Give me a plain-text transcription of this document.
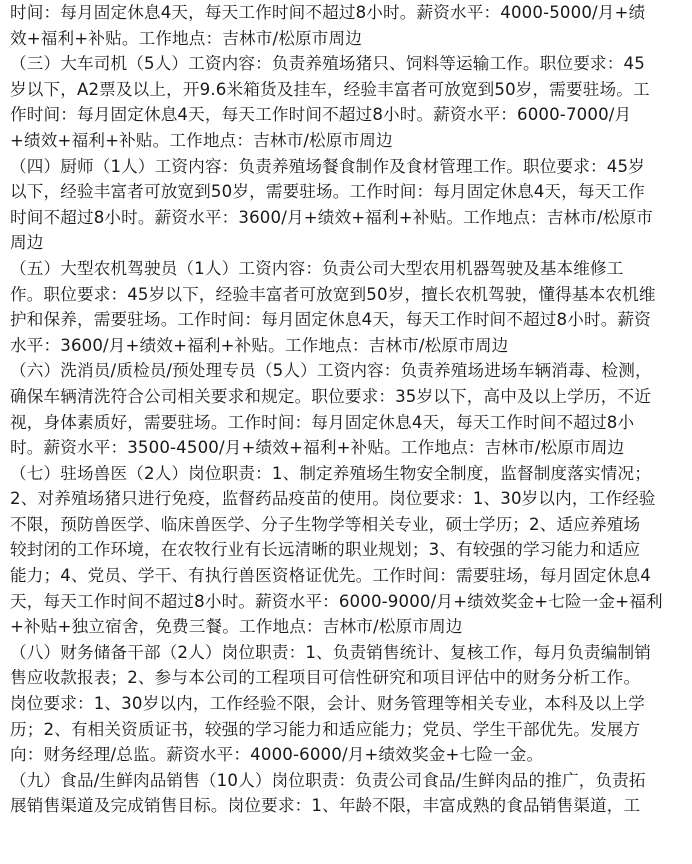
时间：每月固定休息4天，每天工作时间不超过8小时。薪资水平：4000-5000/月+绩
效+福利+补贴。工作地点：吉林市/松原市周边
（三）大车司机（5人）工资内容：负责养殖场猪只、饲料等运输工作。职位要求：45
岁以下，A2票及以上，开9.6米箱货及挂车，经验丰富者可放宽到50岁，需要驻场。工
作时间：每月固定休息4天，每天工作时间不超过8小时。薪资水平：6000-7000/月
+绩效+福利+补贴。工作地点：吉林市/松原市周边
（四）厨师（1人）工资内容：负责养殖场餐食制作及食材管理工作。职位要求：45岁
以下，经验丰富者可放宽到50岁，需要驻场。工作时间：每月固定休息4天，每天工作
时间不超过8小时。薪资水平：3600/月+绩效+福利+补贴。工作地点：吉林市/松原市
周边
（五）大型农机驾驶员（1人）工资内容：负责公司大型农用机器驾驶及基本维修工
作。职位要求：45岁以下，经验丰富者可放宽到50岁，擅长农机驾驶，懂得基本农机维
护和保养，需要驻场。工作时间：每月固定休息4天，每天工作时间不超过8小时。薪资
水平：3600/月+绩效+福利+补贴。工作地点：吉林市/松原市周边
（六）洗消员/质检员/预处理专员（5人）工资内容：负责养殖场进场车辆消毒、检测，
确保车辆清洗符合公司相关要求和规定。职位要求：35岁以下，高中及以上学历，不近
视，身体素质好，需要驻场。工作时间：每月固定休息4天，每天工作时间不超过8小
时。薪资水平：3500-4500/月+绩效+福利+补贴。工作地点：吉林市/松原市周边
（七）驻场兽医（2人）岗位职责：1、制定养殖场生物安全制度，监督制度落实情况；
2、对养殖场猪只进行免疫，监督药品疫苗的使用。岗位要求：1、30岁以内，工作经验
不限，预防兽医学、临床兽医学、分子生物学等相关专业，硕士学历；2、适应养殖场
较封闭的工作环境，在农牧行业有长远清晰的职业规划；3、有较强的学习能力和适应
能力；4、党员、学干、有执行兽医资格证优先。工作时间：需要驻场，每月固定休息4
天，每天工作时间不超过8小时。薪资水平：6000-9000/月+绩效奖金+七险一金+福利
+补贴+独立宿舍，免费三餐。工作地点：吉林市/松原市周边
（八）财务储备干部（2人）岗位职责：1、负责销售统计、复核工作，每月负责编制销
售应收款报表；2、参与本公司的工程项目可信性研究和项目评估中的财务分析工作。
岗位要求：1、30岁以内，工作经验不限，会计、财务管理等相关专业，本科及以上学
历；2、有相关资质证书，较强的学习能力和适应能力；党员、学生干部优先。发展方
向：财务经理/总监。薪资水平：4000-6000/月+绩效奖金+七险一金。
（九）食品/生鲜肉品销售（10人）岗位职责：负责公司食品/生鲜肉品的推广，负责拓
展销售渠道及完成销售目标。岗位要求：1、年龄不限，丰富成熟的食品销售渠道，工
